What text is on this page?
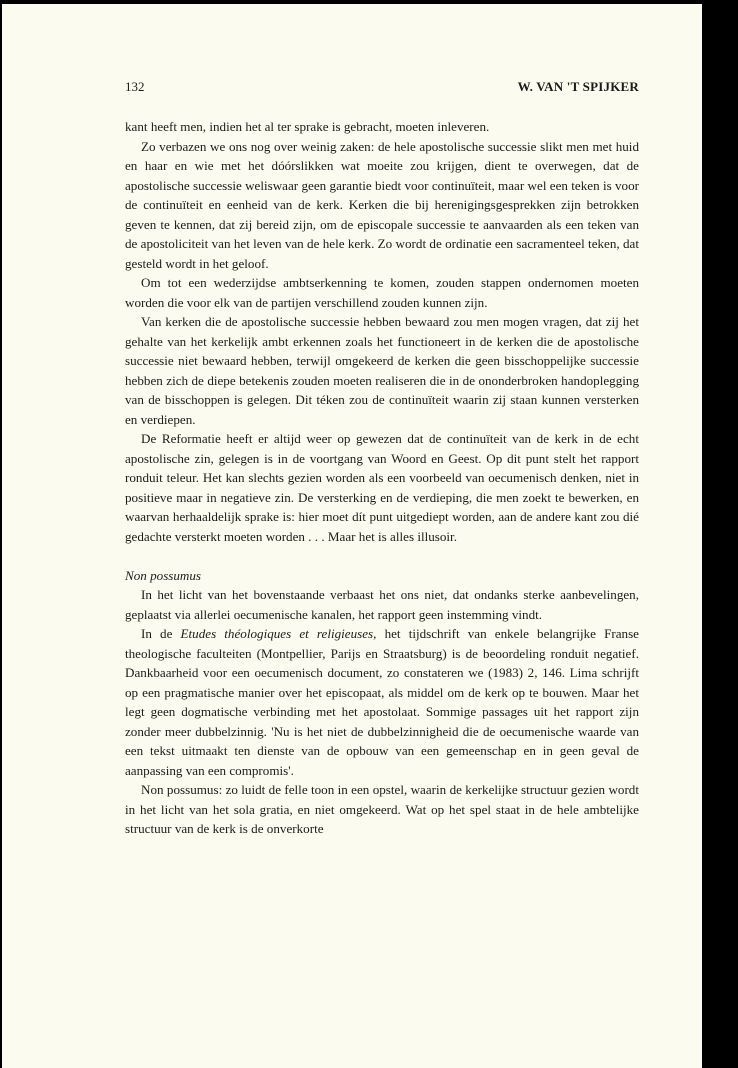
132	W. VAN 'T SPIJKER

kant heeft men, indien het al ter sprake is gebracht, moeten inleveren.

Zo verbazen we ons nog over weinig zaken: de hele apostolische successie slikt men met huid en haar en wie met het dóórslikken wat moeite zou krijgen, dient te overwegen, dat de apostolische successie weliswaar geen garantie biedt voor continuïteit, maar wel een teken is voor de continuïteit en eenheid van de kerk. Kerken die bij herenigingsgesprekken zijn betrokken geven te kennen, dat zij bereid zijn, om de episcopale successie te aanvaarden als een teken van de apostoliciteit van het leven van de hele kerk. Zo wordt de ordinatie een sacramenteel teken, dat gesteld wordt in het geloof.

Om tot een wederzijdse ambtserkenning te komen, zouden stappen ondernomen moeten worden die voor elk van de partijen verschillend zouden kunnen zijn.

Van kerken die de apostolische successie hebben bewaard zou men mogen vragen, dat zij het gehalte van het kerkelijk ambt erkennen zoals het functioneert in de kerken die de apostolische successie niet bewaard hebben, terwijl omgekeerd de kerken die geen bisschoppelijke successie hebben zich de diepe betekenis zouden moeten realiseren die in de ononderbroken handoplegging van de bisschoppen is gelegen. Dit téken zou de continuïteit waarin zij staan kunnen versterken en verdiepen.

De Reformatie heeft er altijd weer op gewezen dat de continuïteit van de kerk in de echt apostolische zin, gelegen is in de voortgang van Woord en Geest. Op dit punt stelt het rapport ronduit teleur. Het kan slechts gezien worden als een voorbeeld van oecumenisch denken, niet in positieve maar in negatieve zin. De versterking en de verdieping, die men zoekt te bewerken, en waarvan herhaaldelijk sprake is: hier moet dít punt uitgediept worden, aan de andere kant zou dié gedachte versterkt moeten worden . . . Maar het is alles illusoir.

Non possumus

In het licht van het bovenstaande verbaast het ons niet, dat ondanks sterke aanbevelingen, geplaatst via allerlei oecumenische kanalen, het rapport geen instemming vindt.

In de Etudes théologiques et religieuses, het tijdschrift van enkele belangrijke Franse theologische faculteiten (Montpellier, Parijs en Straatsburg) is de beoordeling ronduit negatief. Dankbaarheid voor een oecumenisch document, zo constateren we (1983) 2, 146. Lima schrijft op een pragmatische manier over het episcopaat, als middel om de kerk op te bouwen. Maar het legt geen dogmatische verbinding met het apostolaat. Sommige passages uit het rapport zijn zonder meer dubbelzinnig. 'Nu is het niet de dubbelzinnigheid die de oecumenische waarde van een tekst uitmaakt ten dienste van de opbouw van een gemeenschap en in geen geval de aanpassing van een compromis'.

Non possumus: zo luidt de felle toon in een opstel, waarin de kerkelijke structuur gezien wordt in het licht van het sola gratia, en niet omgekeerd. Wat op het spel staat in de hele ambtelijke structuur van de kerk is de onverkorte
